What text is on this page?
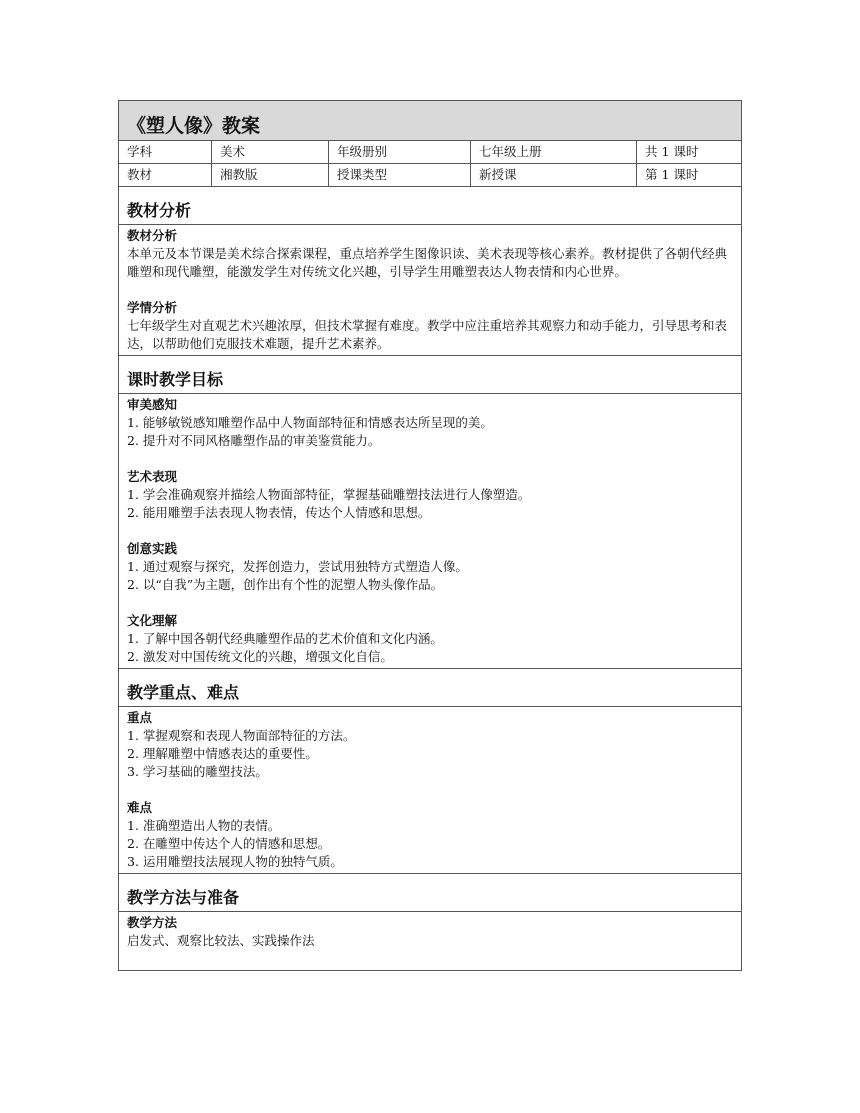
《塑人像》教案
学科	美术	年级册别	七年级上册	共 1 课时
教材	湘教版	授课类型	新授课	第 1 课时
教材分析
教材分析
本单元及本节课是美术综合探索课程，重点培养学生图像识读、美术表现等核心素养。教材提供了各朝代经典雕塑和现代雕塑，能激发学生对传统文化兴趣，引导学生用雕塑表达人物表情和内心世界。
学情分析
七年级学生对直观艺术兴趣浓厚，但技术掌握有难度。教学中应注重培养其观察力和动手能力，引导思考和表达，以帮助他们克服技术难题，提升艺术素养。
课时教学目标
审美感知
1. 能够敏锐感知雕塑作品中人物面部特征和情感表达所呈现的美。
2. 提升对不同风格雕塑作品的审美鉴赏能力。
艺术表现
1. 学会准确观察并描绘人物面部特征，掌握基础雕塑技法进行人像塑造。
2. 能用雕塑手法表现人物表情，传达个人情感和思想。
创意实践
1. 通过观察与探究，发挥创造力，尝试用独特方式塑造人像。
2. 以“自我”为主题，创作出有个性的泥塑人物头像作品。
文化理解
1. 了解中国各朝代经典雕塑作品的艺术价值和文化内涵。
2. 激发对中国传统文化的兴趣，增强文化自信。
教学重点、难点
重点
1. 掌握观察和表现人物面部特征的方法。
2. 理解雕塑中情感表达的重要性。
3. 学习基础的雕塑技法。
难点
1. 准确塑造出人物的表情。
2. 在雕塑中传达个人的情感和思想。
3. 运用雕塑技法展现人物的独特气质。
教学方法与准备
教学方法
启发式、观察比较法、实践操作法
